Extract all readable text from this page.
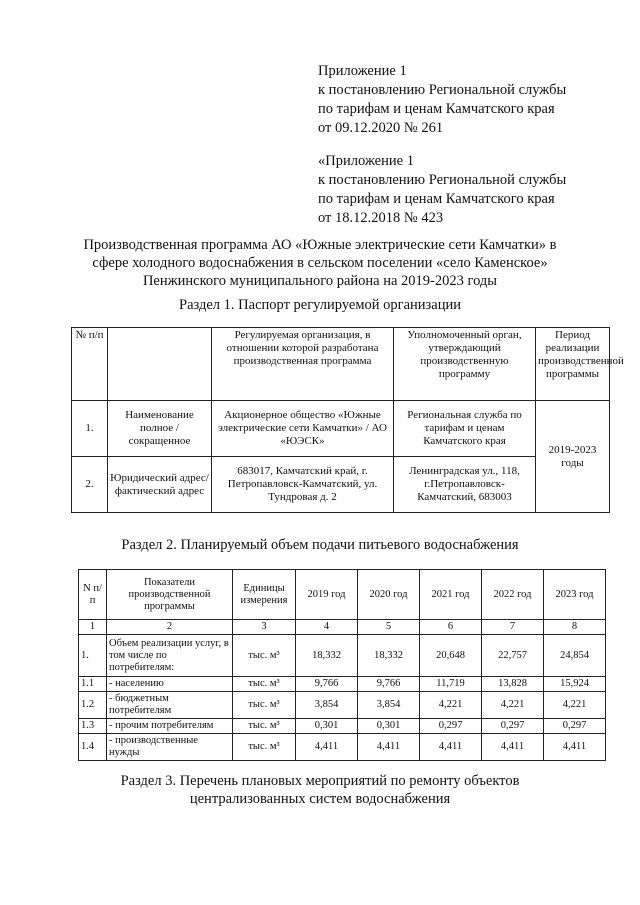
Приложение 1
к постановлению Региональной службы
по тарифам и ценам Камчатского края
от 09.12.2020 № 261
«Приложение 1
к постановлению Региональной службы
по тарифам и ценам Камчатского края
от 18.12.2018 № 423
Производственная программа АО «Южные электрические сети Камчатки» в
сфере холодного водоснабжения в сельском поселении «село Каменское»
Пенжинского муниципального района на 2019-2023 годы
Раздел 1. Паспорт регулируемой организации
№ п/п		Регулируемая организация, в отношении которой разработана производственная программа	Уполномоченный орган, утверждающий производственную программу	Период реализации производственной программы
1.	Наименование полное / сокращенное	Акционерное общество «Южные электрические сети Камчатки» / АО «ЮЭСК»	Региональная служба по тарифам и ценам Камчатского края	2019-2023 годы
2.	Юридический адрес/фактический адрес	683017, Камчатский край, г. Петропавловск-Камчатский, ул. Тундровая д. 2	Ленинградская ул., 118, г.Петропавловск-Камчатский, 683003	
Раздел 2. Планируемый объем подачи питьевого водоснабжения
N п/п	Показатели производственной программы	Единицы измерения	2019 год	2020 год	2021 год	2022 год	2023 год
1	2	3	4	5	6	7	8
1.	Объем реализации услуг, в том числе по потребителям:	тыс. м³	18,332	18,332	20,648	22,757	24,854
1.1	- населению	тыс. м³	9,766	9,766	11,719	13,828	15,924
1.2	- бюджетным потребителям	тыс. м³	3,854	3,854	4,221	4,221	4,221
1.3	- прочим потребителям	тыс. м³	0,301	0,301	0,297	0,297	0,297
1.4	- производственные нужды	тыс. м³	4,411	4,411	4,411	4,411	4,411
Раздел 3. Перечень плановых мероприятий по ремонту объектов
централизованных систем водоснабжения
